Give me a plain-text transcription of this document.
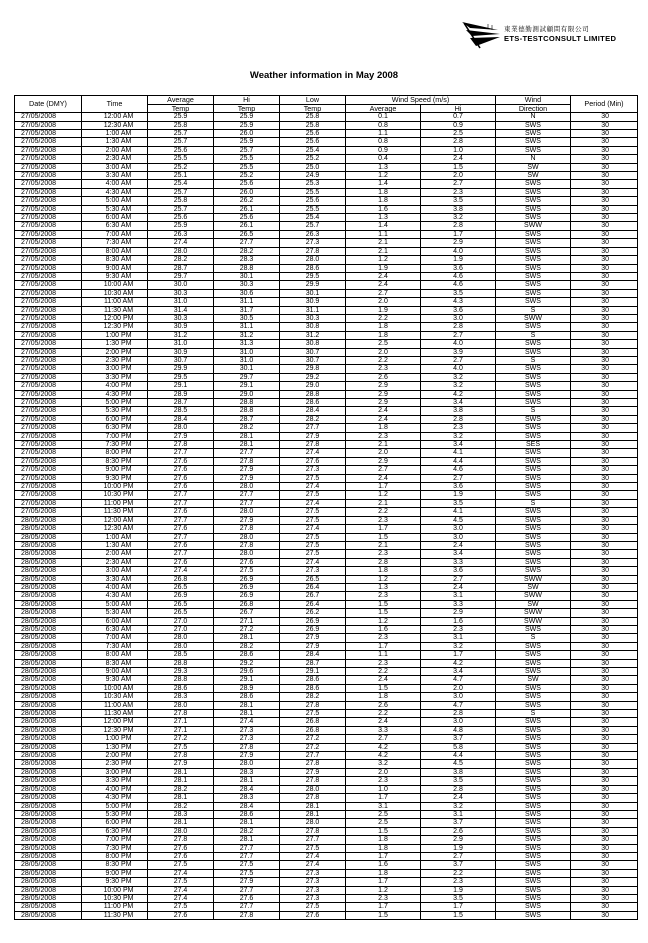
東業德勤測試顧問有限公司
ETS-TESTCONSULT LIMITED
Weather information in May 2008
Date (DMY)	Time	Average	Hi	Low	Wind Speed (m/s)		Wind	Period (Min)
		Temp	Temp	Temp	Average	Hi	Direction	
27/05/2008	12:00 AM	25.9	25.9	25.8	0.1	0.7	N	30
27/05/2008	12:30 AM	25.8	25.9	25.8	0.8	0.9	SWS	30
27/05/2008	1:00 AM	25.7	26.0	25.6	1.1	2.5	SWS	30
27/05/2008	1:30 AM	25.7	25.9	25.6	0.8	2.8	SWS	30
27/05/2008	2:00 AM	25.6	25.7	25.4	0.9	1.0	SWS	30
27/05/2008	2:30 AM	25.5	25.5	25.2	0.4	2.4	N	30
27/05/2008	3:00 AM	25.2	25.5	25.0	1.3	1.5	SW	30
27/05/2008	3:30 AM	25.1	25.2	24.9	1.2	2.0	SW	30
27/05/2008	4:00 AM	25.4	25.6	25.3	1.4	2.7	SWS	30
27/05/2008	4:30 AM	25.7	26.0	25.5	1.8	2.3	SWS	30
27/05/2008	5:00 AM	25.8	26.2	25.6	1.8	3.5	SWS	30
27/05/2008	5:30 AM	25.7	26.1	25.5	1.6	3.8	SWS	30
27/05/2008	6:00 AM	25.6	25.6	25.4	1.3	3.2	SWS	30
27/05/2008	6:30 AM	25.9	26.1	25.7	1.4	2.8	SWW	30
27/05/2008	7:00 AM	26.3	26.5	26.3	1.1	1.7	SWS	30
27/05/2008	7:30 AM	27.4	27.7	27.3	2.1	2.9	SWS	30
27/05/2008	8:00 AM	28.0	28.2	27.8	2.1	4.0	SWS	30
27/05/2008	8:30 AM	28.2	28.3	28.0	1.2	1.9	SWS	30
27/05/2008	9:00 AM	28.7	28.8	28.6	1.9	3.6	SWS	30
27/05/2008	9:30 AM	29.7	30.1	29.5	2.4	4.6	SWS	30
27/05/2008	10:00 AM	30.0	30.3	29.9	2.4	4.6	SWS	30
27/05/2008	10:30 AM	30.3	30.6	30.1	2.7	3.5	SWS	30
27/05/2008	11:00 AM	31.0	31.1	30.9	2.0	4.3	SWS	30
27/05/2008	11:30 AM	31.4	31.7	31.1	1.9	3.6	S	30
27/05/2008	12:00 PM	30.3	30.5	30.3	2.2	3.0	SWW	30
27/05/2008	12:30 PM	30.9	31.1	30.8	1.8	2.8	SWS	30
27/05/2008	1:00 PM	31.2	31.2	31.2	1.8	2.7	S	30
27/05/2008	1:30 PM	31.0	31.3	30.8	2.5	4.0	SWS	30
27/05/2008	2:00 PM	30.9	31.0	30.7	2.0	3.9	SWS	30
27/05/2008	2:30 PM	30.7	31.0	30.7	2.2	2.7	S	30
27/05/2008	3:00 PM	29.9	30.1	29.8	2.3	4.0	SWS	30
27/05/2008	3:30 PM	29.5	29.7	29.2	2.6	3.2	SWS	30
27/05/2008	4:00 PM	29.1	29.1	29.0	2.9	3.2	SWS	30
27/05/2008	4:30 PM	28.9	29.0	28.8	2.9	4.2	SWS	30
27/05/2008	5:00 PM	28.7	28.8	28.6	2.9	3.4	SWS	30
27/05/2008	5:30 PM	28.5	28.8	28.4	2.4	3.8	S	30
27/05/2008	6:00 PM	28.4	28.7	28.2	2.4	2.8	SWS	30
27/05/2008	6:30 PM	28.0	28.2	27.7	1.8	2.3	SWS	30
27/05/2008	7:00 PM	27.9	28.1	27.9	2.3	3.2	SWS	30
27/05/2008	7:30 PM	27.8	28.1	27.8	2.1	3.4	SES	30
27/05/2008	8:00 PM	27.7	27.7	27.4	2.0	4.1	SWS	30
27/05/2008	8:30 PM	27.6	27.8	27.6	2.9	4.4	SWS	30
27/05/2008	9:00 PM	27.6	27.9	27.3	2.7	4.6	SWS	30
27/05/2008	9:30 PM	27.6	27.9	27.5	2.4	2.7	SWS	30
27/05/2008	10:00 PM	27.6	28.0	27.4	1.7	3.6	SWS	30
27/05/2008	10:30 PM	27.7	27.7	27.5	1.2	1.9	SWS	30
27/05/2008	11:00 PM	27.7	27.7	27.4	2.1	3.5	S	30
27/05/2008	11:30 PM	27.6	28.0	27.5	2.2	4.1	SWS	30
28/05/2008	12:00 AM	27.7	27.9	27.5	2.3	4.5	SWS	30
28/05/2008	12:30 AM	27.6	27.8	27.4	1.7	3.0	SWS	30
28/05/2008	1:00 AM	27.7	28.0	27.5	1.5	3.0	SWS	30
28/05/2008	1:30 AM	27.6	27.8	27.5	2.1	2.4	SWS	30
28/05/2008	2:00 AM	27.7	28.0	27.5	2.3	3.4	SWS	30
28/05/2008	2:30 AM	27.6	27.6	27.4	2.8	3.3	SWS	30
28/05/2008	3:00 AM	27.4	27.5	27.3	1.8	3.6	SWS	30
28/05/2008	3:30 AM	26.8	26.9	26.5	1.2	2.7	SWW	30
28/05/2008	4:00 AM	26.5	26.9	26.4	1.3	2.4	SW	30
28/05/2008	4:30 AM	26.9	26.9	26.7	2.3	3.1	SWW	30
28/05/2008	5:00 AM	26.5	26.8	26.4	1.5	3.3	SW	30
28/05/2008	5:30 AM	26.5	26.7	26.2	1.5	2.9	SWW	30
28/05/2008	6:00 AM	27.0	27.1	26.9	1.2	1.6	SWW	30
28/05/2008	6:30 AM	27.0	27.2	26.9	1.6	2.3	SWS	30
28/05/2008	7:00 AM	28.0	28.1	27.9	2.3	3.1	S	30
28/05/2008	7:30 AM	28.0	28.2	27.9	1.7	3.2	SWS	30
28/05/2008	8:00 AM	28.5	28.6	28.4	1.1	1.7	SWS	30
28/05/2008	8:30 AM	28.8	29.2	28.7	2.3	4.2	SWS	30
28/05/2008	9:00 AM	29.3	29.6	29.1	2.2	3.4	SWS	30
28/05/2008	9:30 AM	28.8	29.1	28.6	2.4	4.7	SW	30
28/05/2008	10:00 AM	28.6	28.9	28.6	1.5	2.0	SWS	30
28/05/2008	10:30 AM	28.3	28.6	28.2	1.8	3.0	SWS	30
28/05/2008	11:00 AM	28.0	28.1	27.8	2.6	4.7	SWS	30
28/05/2008	11:30 AM	27.8	28.1	27.5	2.2	2.8	S	30
28/05/2008	12:00 PM	27.1	27.4	26.8	2.4	3.0	SWS	30
28/05/2008	12:30 PM	27.1	27.3	26.8	3.3	4.8	SWS	30
28/05/2008	1:00 PM	27.2	27.3	27.2	2.7	3.7	SWS	30
28/05/2008	1:30 PM	27.5	27.8	27.2	4.2	5.8	SWS	30
28/05/2008	2:00 PM	27.8	27.9	27.7	4.2	4.4	SWS	30
28/05/2008	2:30 PM	27.9	28.0	27.8	3.2	4.5	SWS	30
28/05/2008	3:00 PM	28.1	28.3	27.9	2.0	3.8	SWS	30
28/05/2008	3:30 PM	28.1	28.1	27.8	2.3	3.5	SWS	30
28/05/2008	4:00 PM	28.2	28.4	28.0	1.0	2.8	SWS	30
28/05/2008	4:30 PM	28.1	28.3	27.8	1.7	2.4	SWS	30
28/05/2008	5:00 PM	28.2	28.4	28.1	3.1	3.2	SWS	30
28/05/2008	5:30 PM	28.3	28.6	28.1	2.5	3.1	SWS	30
28/05/2008	6:00 PM	28.1	28.1	28.0	2.5	3.7	SWS	30
28/05/2008	6:30 PM	28.0	28.2	27.8	1.5	2.6	SWS	30
28/05/2008	7:00 PM	27.8	28.1	27.7	1.8	2.9	SWS	30
28/05/2008	7:30 PM	27.6	27.7	27.5	1.8	1.9	SWS	30
28/05/2008	8:00 PM	27.6	27.7	27.4	1.7	2.7	SWS	30
28/05/2008	8:30 PM	27.5	27.5	27.4	1.6	3.7	SWS	30
28/05/2008	9:00 PM	27.4	27.5	27.3	1.8	2.2	SWS	30
28/05/2008	9:30 PM	27.5	27.9	27.3	1.7	2.3	SWS	30
28/05/2008	10:00 PM	27.4	27.7	27.3	1.2	1.9	SWS	30
28/05/2008	10:30 PM	27.4	27.6	27.3	2.3	3.5	SWS	30
28/05/2008	11:00 PM	27.5	27.7	27.5	1.7	1.7	SWS	30
28/05/2008	11:30 PM	27.6	27.8	27.6	1.5	1.5	SWS	30
